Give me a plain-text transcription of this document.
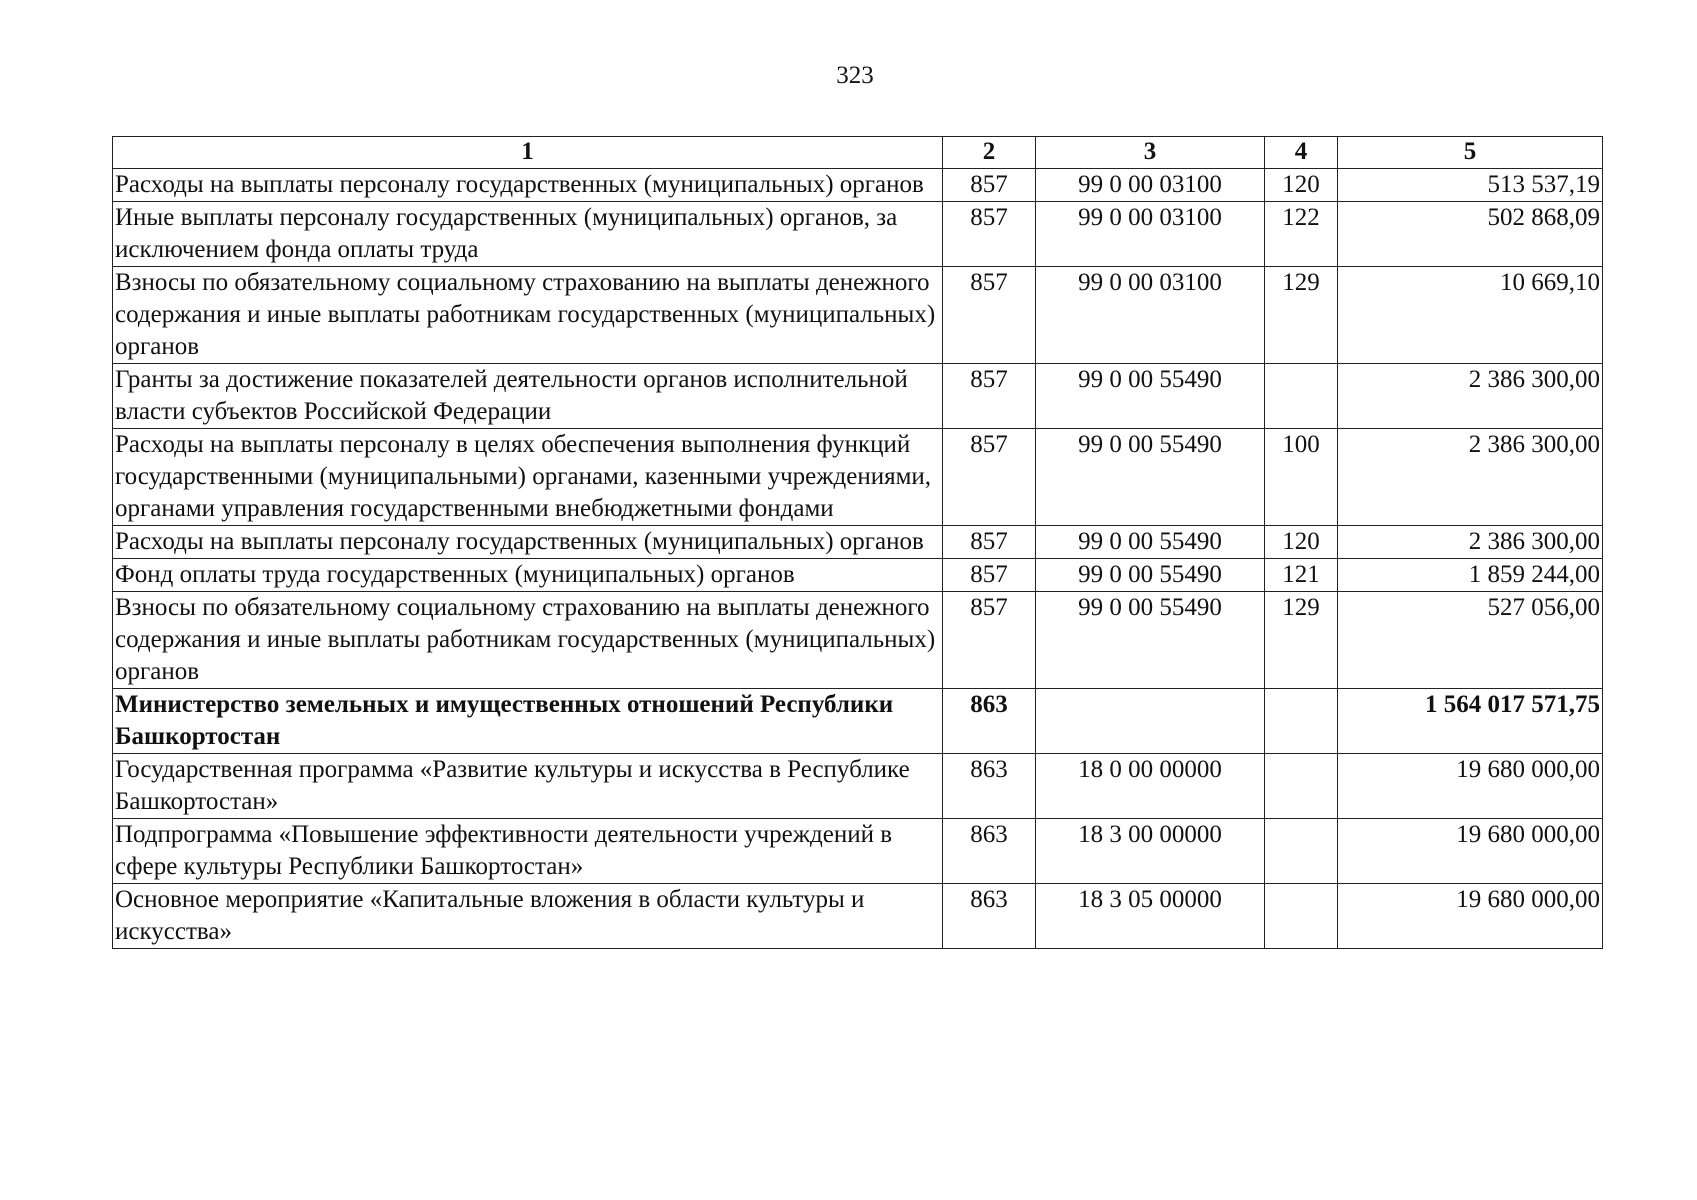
323
1	2	3	4	5
Расходы на выплаты персоналу государственных (муниципальных) органов	857	99 0 00 03100	120	513 537,19
Иные выплаты персоналу государственных (муниципальных) органов, за исключением фонда оплаты труда	857	99 0 00 03100	122	502 868,09
Взносы по обязательному социальному страхованию на выплаты денежного содержания и иные выплаты работникам государственных (муниципальных) органов	857	99 0 00 03100	129	10 669,10
Гранты за достижение показателей деятельности органов исполнительной власти субъектов Российской Федерации	857	99 0 00 55490		2 386 300,00
Расходы на выплаты персоналу в целях обеспечения выполнения функций государственными (муниципальными) органами, казенными учреждениями, органами управления государственными внебюджетными фондами	857	99 0 00 55490	100	2 386 300,00
Расходы на выплаты персоналу государственных (муниципальных) органов	857	99 0 00 55490	120	2 386 300,00
Фонд оплаты труда государственных (муниципальных) органов	857	99 0 00 55490	121	1 859 244,00
Взносы по обязательному социальному страхованию на выплаты денежного содержания и иные выплаты работникам государственных (муниципальных) органов	857	99 0 00 55490	129	527 056,00
Министерство земельных и имущественных отношений Республики Башкортостан	863			1 564 017 571,75
Государственная программа «Развитие культуры и искусства в Республике Башкортостан»	863	18 0 00 00000		19 680 000,00
Подпрограмма «Повышение эффективности деятельности учреждений в сфере культуры Республики Башкортостан»	863	18 3 00 00000		19 680 000,00
Основное мероприятие «Капитальные вложения в области культуры и искусства»	863	18 3 05 00000		19 680 000,00
